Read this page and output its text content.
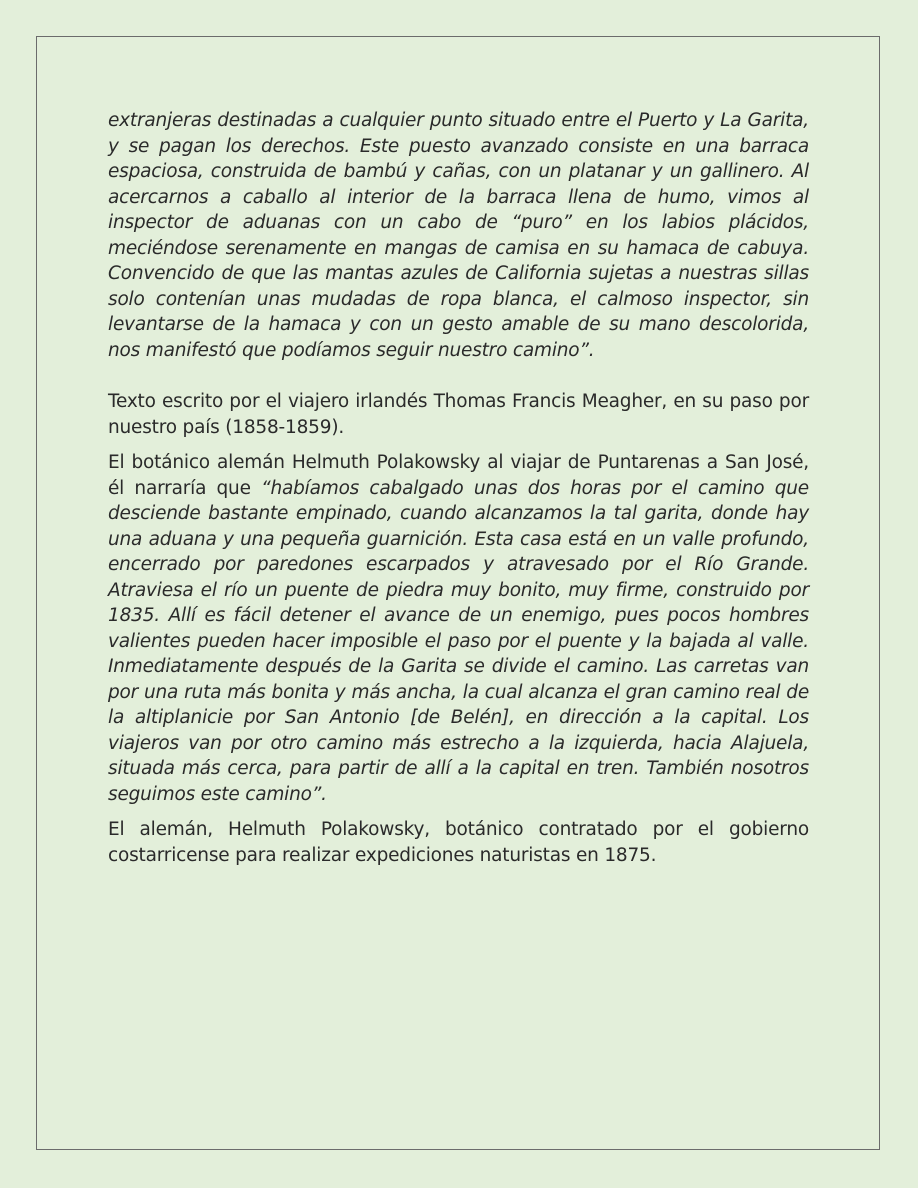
extranjeras destinadas a cualquier punto situado entre el Puerto y La Garita, y se pagan los derechos. Este puesto avanzado consiste en una barraca espaciosa, construida de bambú y cañas, con un platanar y un gallinero. Al acercarnos a caballo al interior de la barraca llena de humo, vimos al inspector de aduanas con un cabo de “puro” en los labios plácidos, meciéndose serenamente en mangas de camisa en su hamaca de cabuya. Convencido de que las mantas azules de California sujetas a nuestras sillas solo contenían unas mudadas de ropa blanca, el calmoso inspector, sin levantarse de la hamaca y con un gesto amable de su mano descolorida, nos manifestó que podíamos seguir nuestro camino”.

Texto escrito por el viajero irlandés Thomas Francis Meagher, en su paso por nuestro país (1858-1859).

El botánico alemán Helmuth Polakowsky al viajar de Puntarenas a San José, él narraría que “habíamos cabalgado unas dos horas por el camino que desciende bastante empinado, cuando alcanzamos la tal garita, donde hay una aduana y una pequeña guarnición. Esta casa está en un valle profundo, encerrado por paredones escarpados y atravesado por el Río Grande. Atraviesa el río un puente de piedra muy bonito, muy firme, construido por 1835. Allí es fácil detener el avance de un enemigo, pues pocos hombres valientes pueden hacer imposible el paso por el puente y la bajada al valle. Inmediatamente después de la Garita se divide el camino. Las carretas van por una ruta más bonita y más ancha, la cual alcanza el gran camino real de la altiplanicie por San Antonio [de Belén], en dirección a la capital. Los viajeros van por otro camino más estrecho a la izquierda, hacia Alajuela, situada más cerca, para partir de allí a la capital en tren. También nosotros seguimos este camino”.

El alemán, Helmuth Polakowsky, botánico contratado por el gobierno costarricense para realizar expediciones naturistas en 1875.
